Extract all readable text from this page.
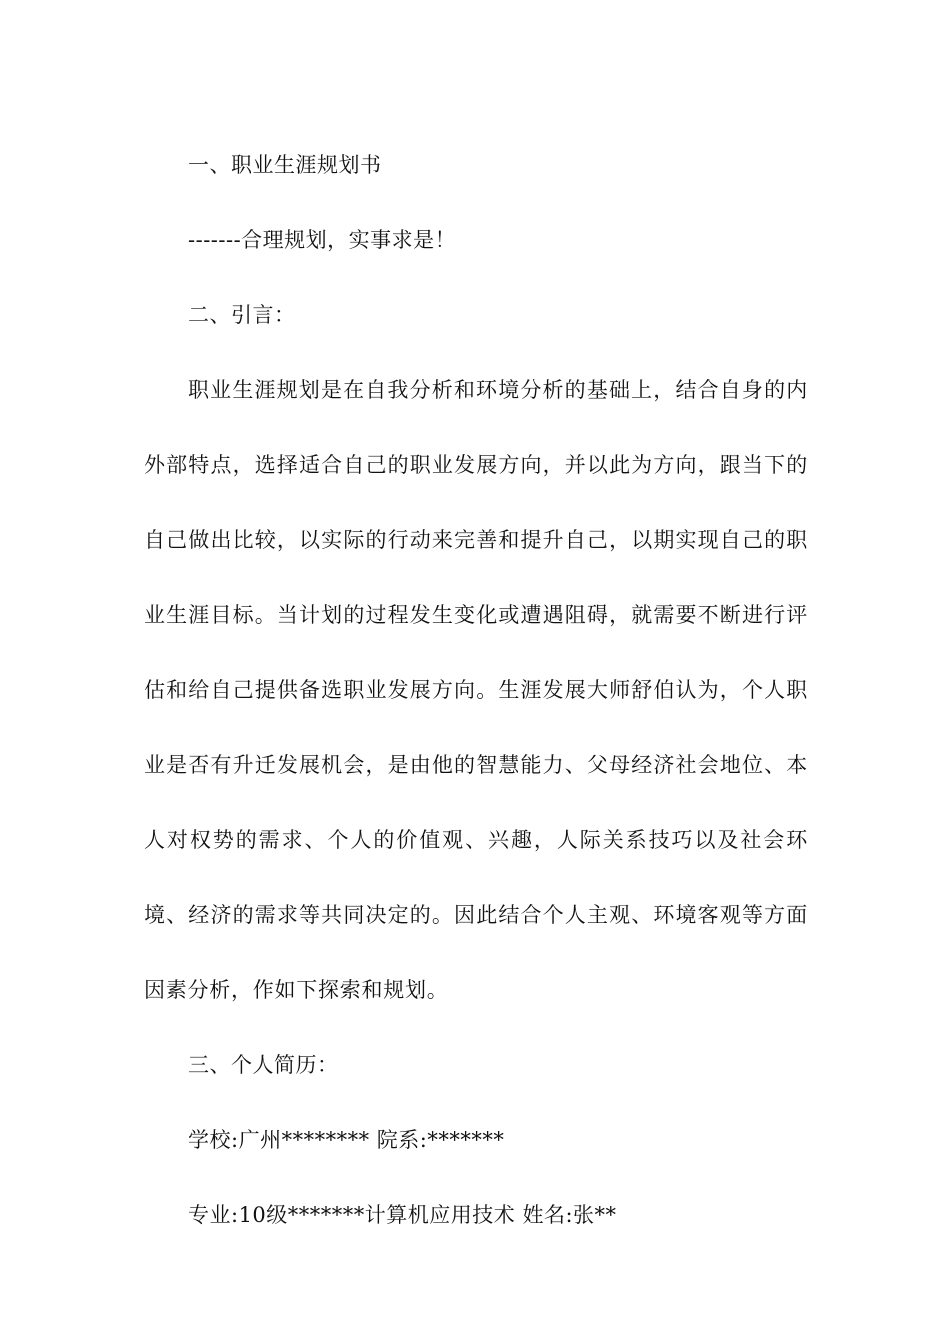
一、职业生涯规划书
-------合理规划，实事求是！
二、引言：

职业生涯规划是在自我分析和环境分析的基础上，结合自身的内外部特点，选择适合自己的职业发展方向，并以此为方向，跟当下的自己做出比较，以实际的行动来完善和提升自己，以期实现自己的职业生涯目标。当计划的过程发生变化或遭遇阻碍，就需要不断进行评估和给自己提供备选职业发展方向。生涯发展大师舒伯认为，个人职业是否有升迁发展机会，是由他的智慧能力、父母经济社会地位、本人对权势的需求、个人的价值观、兴趣，人际关系技巧以及社会环境、经济的需求等共同决定的。因此结合个人主观、环境客观等方面因素分析，作如下探索和规划。

三、个人简历：
学校:广州******** 院系:*******
专业:10级*******计算机应用技术 姓名:张**
